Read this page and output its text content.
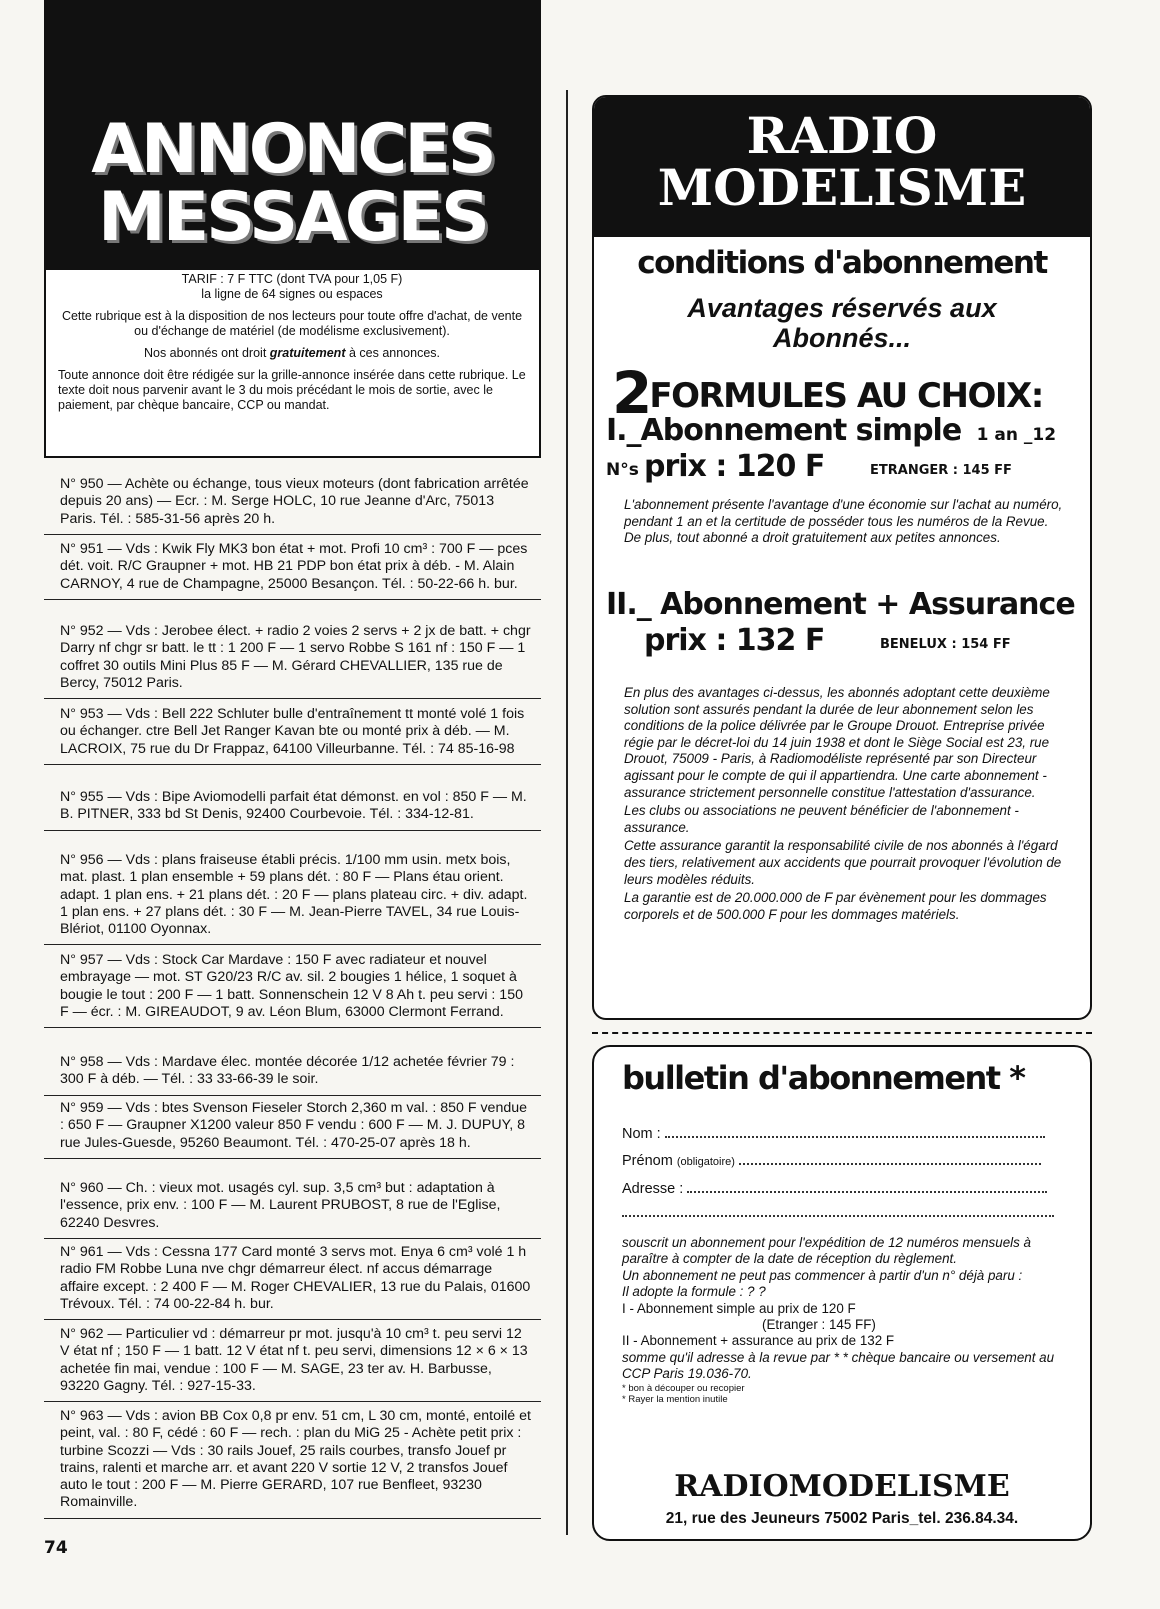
ANNONCES
MESSAGES

TARIF : 7 F TTC (dont TVA pour 1,05 F)

la ligne de 64 signes ou espaces

Cette rubrique est à la disposition de nos lecteurs pour toute offre d'achat, de vente ou d'échange de matériel (de modélisme exclusivement).

Nos abonnés ont droit gratuitement à ces annonces.

Toute annonce doit être rédigée sur la grille-annonce insérée dans cette rubrique. Le texte doit nous parvenir avant le 3 du mois précédant le mois de sortie, avec le paiement, par chèque bancaire, CCP ou mandat.

N° 950 — Achète ou échange, tous vieux moteurs (dont fabrication arrêtée depuis 20 ans) — Ecr. : M. Serge HOLC, 10 rue Jeanne d'Arc, 75013 Paris. Tél. : 585-31-56 après 20 h.
N° 951 — Vds : Kwik Fly MK3 bon état + mot. Profi 10 cm³ : 700 F — pces dét. voit. R/C Graupner + mot. HB 21 PDP bon état prix à déb. - M. Alain CARNOY, 4 rue de Champagne, 25000 Besançon. Tél. : 50-22-66 h. bur.
N° 952 — Vds : Jerobee élect. + radio 2 voies 2 servs + 2 jx de batt. + chgr Darry nf chgr sr batt. le tt : 1 200 F — 1 servo Robbe S 161 nf : 150 F — 1 coffret 30 outils Mini Plus 85 F — M. Gérard CHEVALLIER, 135 rue de Bercy, 75012 Paris.
N° 953 — Vds : Bell 222 Schluter bulle d'entraînement tt monté volé 1 fois ou échanger. ctre Bell Jet Ranger Kavan bte ou monté prix à déb. — M. LACROIX, 75 rue du Dr Frappaz, 64100 Villeurbanne. Tél. : 74 85-16-98
N° 955 — Vds : Bipe Aviomodelli parfait état démonst. en vol : 850 F — M. B. PITNER, 333 bd St Denis, 92400 Courbevoie. Tél. : 334-12-81.
N° 956 — Vds : plans fraiseuse établi précis. 1/100 mm usin. metx bois, mat. plast. 1 plan ensemble + 59 plans dét. : 80 F — Plans étau orient. adapt. 1 plan ens. + 21 plans dét. : 20 F — plans plateau circ. + div. adapt. 1 plan ens. + 27 plans dét. : 30 F — M. Jean-Pierre TAVEL, 34 rue Louis-Blériot, 01100 Oyonnax.
N° 957 — Vds : Stock Car Mardave : 150 F avec radiateur et nouvel embrayage — mot. ST G20/23 R/C av. sil. 2 bougies 1 hélice, 1 soquet à bougie le tout : 200 F — 1 batt. Sonnenschein 12 V 8 Ah t. peu servi : 150 F — écr. : M. GIREAUDOT, 9 av. Léon Blum, 63000 Clermont Ferrand.
N° 958 — Vds : Mardave élec. montée décorée 1/12 achetée février 79 : 300 F à déb. — Tél. : 33 33-66-39 le soir.
N° 959 — Vds : btes Svenson Fieseler Storch 2,360 m val. : 850 F vendue : 650 F — Graupner X1200 valeur 850 F vendu : 600 F — M. J. DUPUY, 8 rue Jules-Guesde, 95260 Beaumont. Tél. : 470-25-07 après 18 h.
N° 960 — Ch. : vieux mot. usagés cyl. sup. 3,5 cm³ but : adaptation à l'essence, prix env. : 100 F — M. Laurent PRUBOST, 8 rue de l'Eglise, 62240 Desvres.
N° 961 — Vds : Cessna 177 Card monté 3 servs mot. Enya 6 cm³ volé 1 h radio FM Robbe Luna nve chgr démarreur élect. nf accus démarrage affaire except. : 2 400 F — M. Roger CHEVALIER, 13 rue du Palais, 01600 Trévoux. Tél. : 74 00-22-84 h. bur.
N° 962 — Particulier vd : démarreur pr mot. jusqu'à 10 cm³ t. peu servi 12 V état nf ; 150 F — 1 batt. 12 V état nf t. peu servi, dimensions 12 × 6 × 13 achetée fin mai, vendue : 100 F — M. SAGE, 23 ter av. H. Barbusse, 93220 Gagny. Tél. : 927-15-33.
N° 963 — Vds : avion BB Cox 0,8 pr env. 51 cm, L 30 cm, monté, entoilé et peint, val. : 80 F, cédé : 60 F — rech. : plan du MiG 25 - Achète petit prix : turbine Scozzi — Vds : 30 rails Jouef, 25 rails courbes, transfo Jouef pr trains, ralenti et marche arr. et avant 220 V sortie 12 V, 2 transfos Jouef auto le tout : 200 F — M. Pierre GERARD, 107 rue Benfleet, 93230 Romainville.
74
RADIO
MODELISME
conditions d'abonnement
Avantages réservés aux
Abonnés...
2FORMULES AU CHOIX:
I._Abonnement simple 1 an _12 N°s prix : 120 F	ETRANGER : 145 FF
L'abonnement présente l'avantage d'une économie sur l'achat au numéro, pendant 1 an et la certitude de posséder tous les numéros de la Revue. De plus, tout abonné a droit gratuitement aux petites annonces.
II._ Abonnement + Assurance
prix : 132 F	BENELUX : 154 FF

En plus des avantages ci-dessus, les abonnés adoptant cette deuxième solution sont assurés pendant la durée de leur abonnement selon les conditions de la police délivrée par le Groupe Drouot. Entreprise privée régie par le décret-loi du 14 juin 1938 et dont le Siège Social est 23, rue Drouot, 75009 - Paris, à Radiomodéliste représenté par son Directeur agissant pour le compte de qui il appartiendra. Une carte abonnement - assurance strictement personnelle constitue l'attestation d'assurance.

Les clubs ou associations ne peuvent bénéficier de l'abonnement - assurance.

Cette assurance garantit la responsabilité civile de nos abonnés à l'égard des tiers, relativement aux accidents que pourrait provoquer l'évolution de leurs modèles réduits.

La garantie est de 20.000.000 de F par évènement pour les dommages corporels et de 500.000 F pour les dommages matériels.

bulletin d'abonnement *
Nom :
Prénom (obligatoire)
Adresse :

souscrit un abonnement pour l'expédition de 12 numéros mensuels à paraître à compter de la date de réception du règlement.

Un abonnement ne peut pas commencer à partir d'un n° déjà paru :

Il adopte la formule : ? ?

I - Abonnement simple au prix de 120 F

(Etranger : 145 FF)

II - Abonnement + assurance au prix de 132 F

somme qu'il adresse à la revue par * * chèque bancaire ou versement au CCP Paris 19.036-70.

* bon à découper ou recopier

* Rayer la mention inutile

RADIOMODELISME
21, rue des Jeuneurs 75002 Paris_tel. 236.84.34.
